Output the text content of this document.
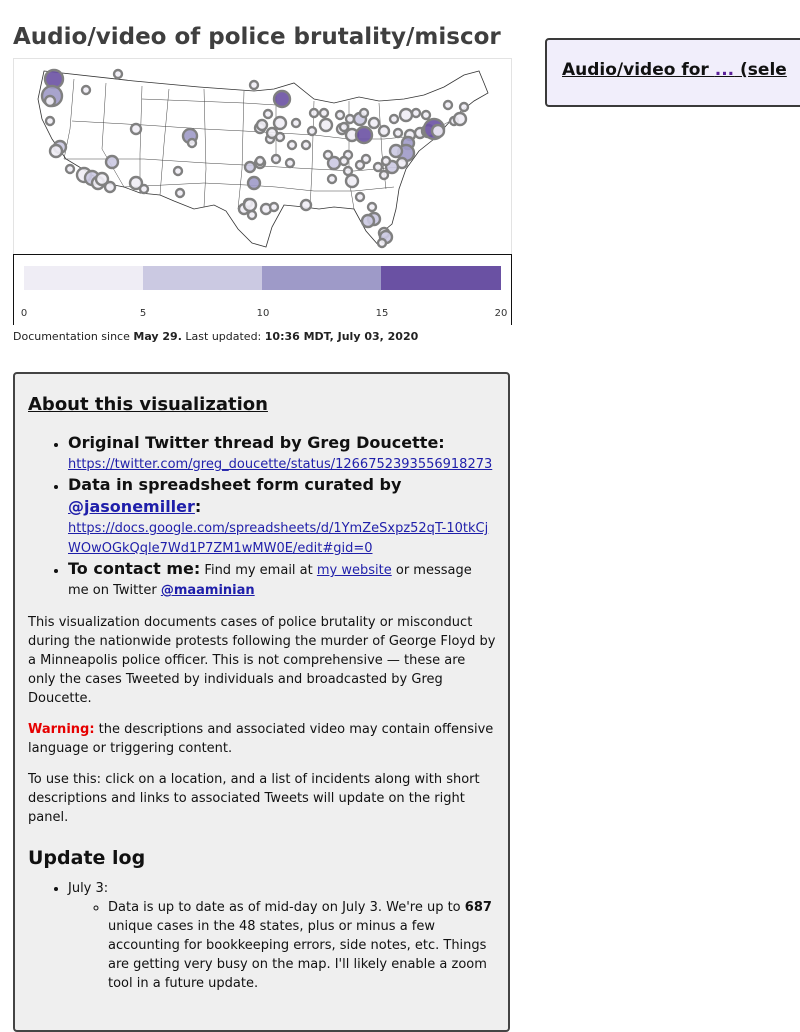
Audio/video of police brutality/miscor
0	5	10	15	20
Documentation since May 29. Last updated: 10:36 MDT, July 03, 2020
Audio/video for ... (sele
About this visualization
• Original Twitter thread by Greg Doucette:
https://twitter.com/greg_doucette/status/1266752393556918273
• Data in spreadsheet form curated by @jasonemiller:
https://docs.google.com/spreadsheets/d/1YmZeSxpz52qT-10tkCjWOwOGkQqle7Wd1P7ZM1wMW0E/edit#gid=0
• To contact me: Find my email at my website or message me on Twitter @maaminian

This visualization documents cases of police brutality or misconduct during the nationwide protests following the murder of George Floyd by a Minneapolis police officer. This is not comprehensive — these are only the cases Tweeted by individuals and broadcasted by Greg Doucette.

Warning: the descriptions and associated video may contain offensive language or triggering content.

To use this: click on a location, and a list of incidents along with short descriptions and links to associated Tweets will update on the right panel.

Update log
• July 3:
◦ Data is up to date as of mid-day on July 3. We're up to 687 unique cases in the 48 states, plus or minus a few accounting for bookkeeping errors, side notes, etc. Things are getting very busy on the map. I'll likely enable a zoom tool in a future update.
